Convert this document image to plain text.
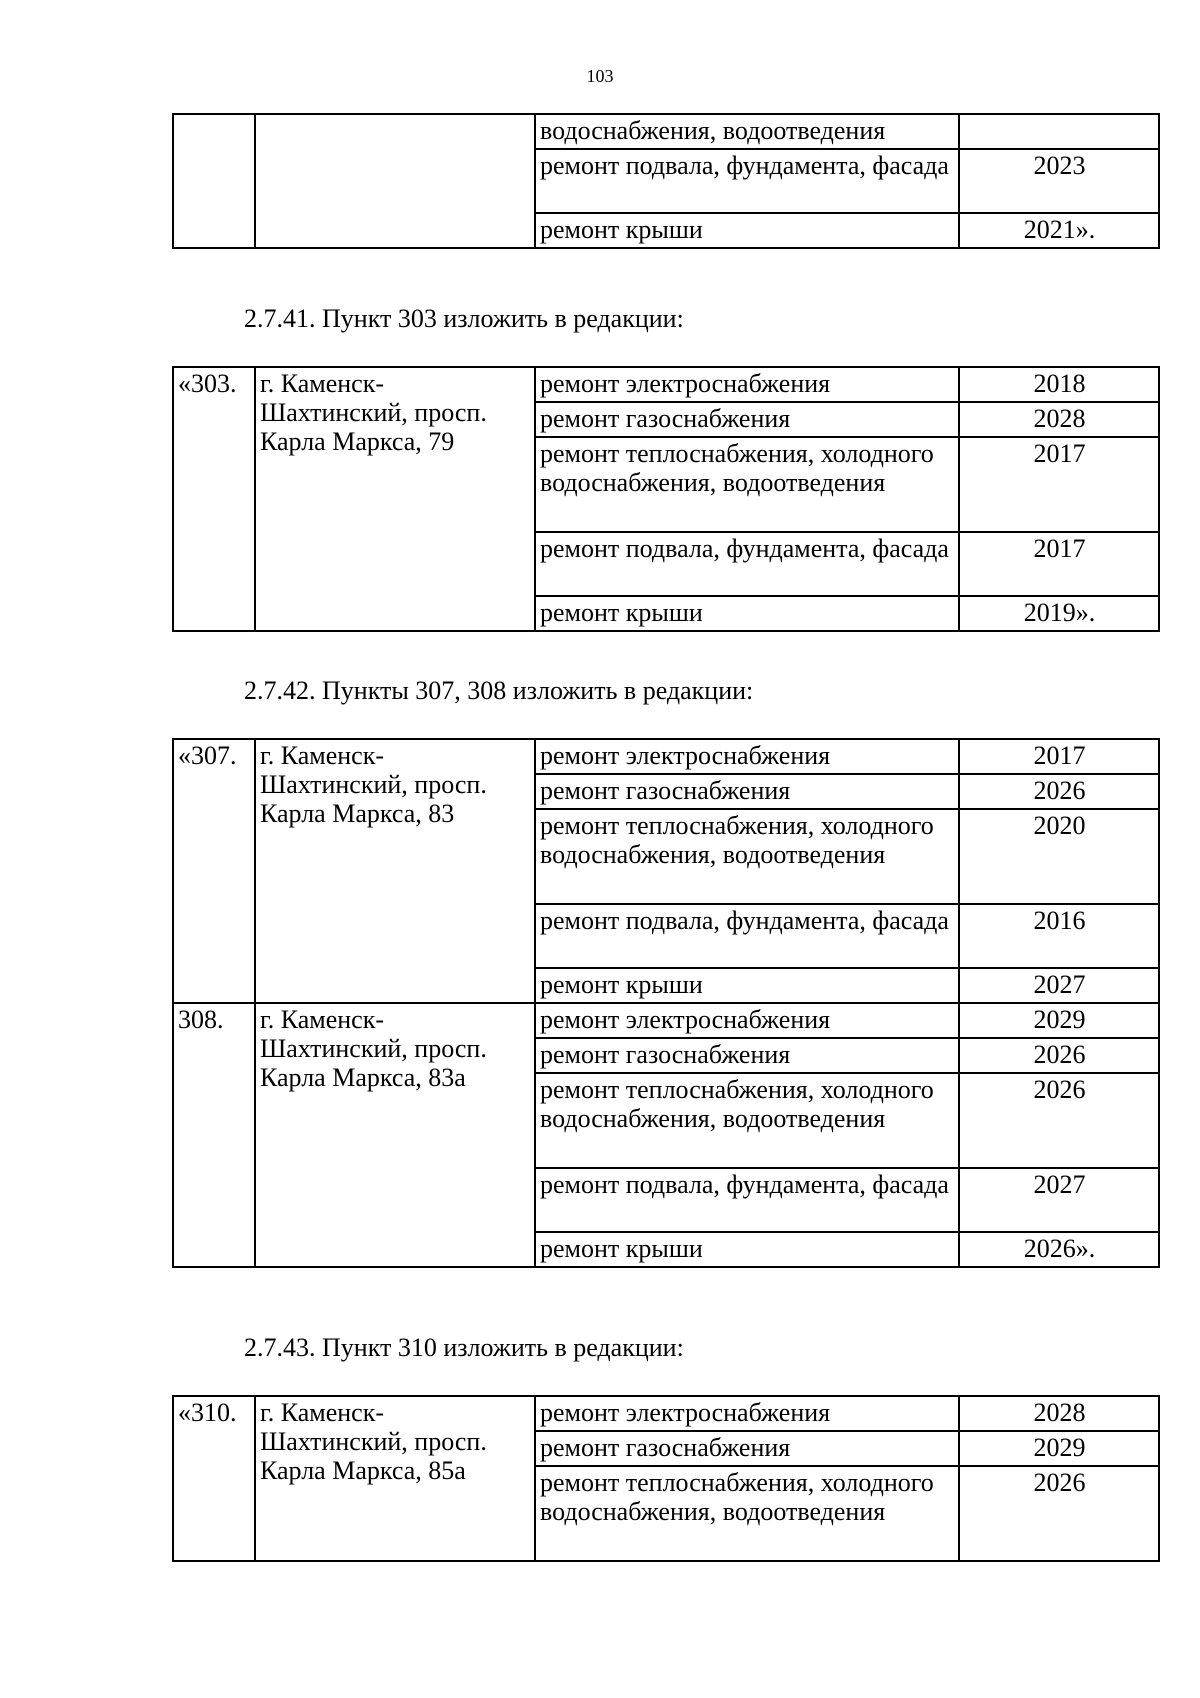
103
		водоснабжения, водоотведения	
		ремонт подвала, фундамента, фасада	2023
		ремонт крыши	2021».
2.7.41. Пункт 303 изложить в редакции:
«303.	г. Каменск-Шахтинский, просп. Карла Маркса, 79	ремонт электроснабжения	2018
		ремонт газоснабжения	2028
		ремонт теплоснабжения, холодного водоснабжения, водоотведения	2017
		ремонт подвала, фундамента, фасада	2017
		ремонт крыши	2019».
2.7.42. Пункты 307, 308 изложить в редакции:
«307.	г. Каменск-Шахтинский, просп. Карла Маркса, 83	ремонт электроснабжения	2017
		ремонт газоснабжения	2026
		ремонт теплоснабжения, холодного водоснабжения, водоотведения	2020
		ремонт подвала, фундамента, фасада	2016
		ремонт крыши	2027
308.	г. Каменск-Шахтинский, просп. Карла Маркса, 83а	ремонт электроснабжения	2029
		ремонт газоснабжения	2026
		ремонт теплоснабжения, холодного водоснабжения, водоотведения	2026
		ремонт подвала, фундамента, фасада	2027
		ремонт крыши	2026».
2.7.43. Пункт 310 изложить в редакции:
«310.	г. Каменск-Шахтинский, просп. Карла Маркса, 85а	ремонт электроснабжения	2028
		ремонт газоснабжения	2029
		ремонт теплоснабжения, холодного водоснабжения, водоотведения	2026
